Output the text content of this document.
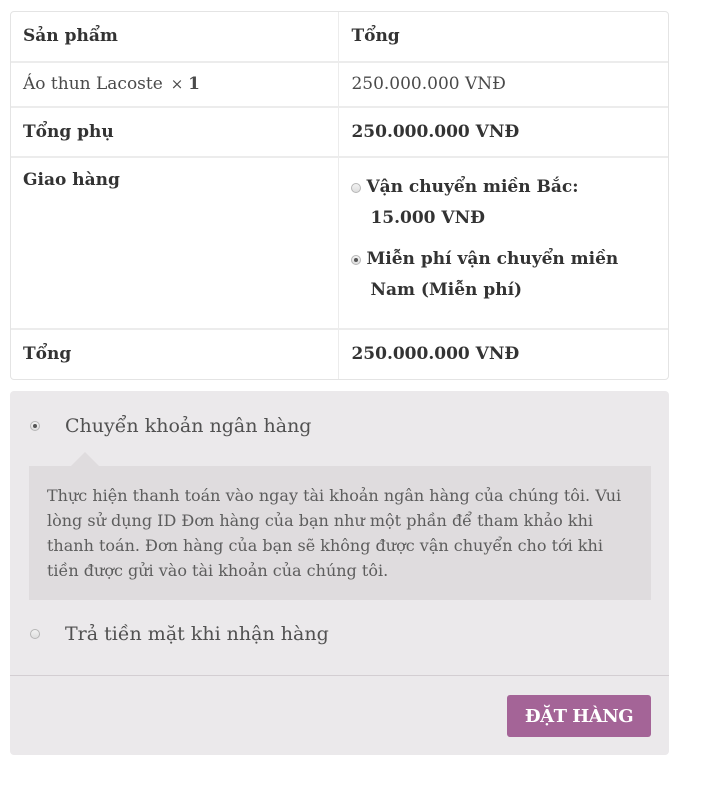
Sản phẩm	Tổng
Áo thun Lacoste × 1	250.000.000 VNĐ
Tổng phụ	250.000.000 VNĐ
Giao hàng	Vận chuyển miền Bắc:
15.000 VNĐ
Miễn phí vận chuyển miền
Nam (Miễn phí)

Tổng	250.000.000 VNĐ
Chuyển khoản ngân hàng
Thực hiện thanh toán vào ngay tài khoản ngân hàng của chúng tôi. Vui lòng sử dụng ID Đơn hàng của bạn như một phần để tham khảo khi thanh toán. Đơn hàng của bạn sẽ không được vận chuyển cho tới khi tiền được gửi vào tài khoản của chúng tôi.
Trả tiền mặt khi nhận hàng
ĐẶT HÀNG
